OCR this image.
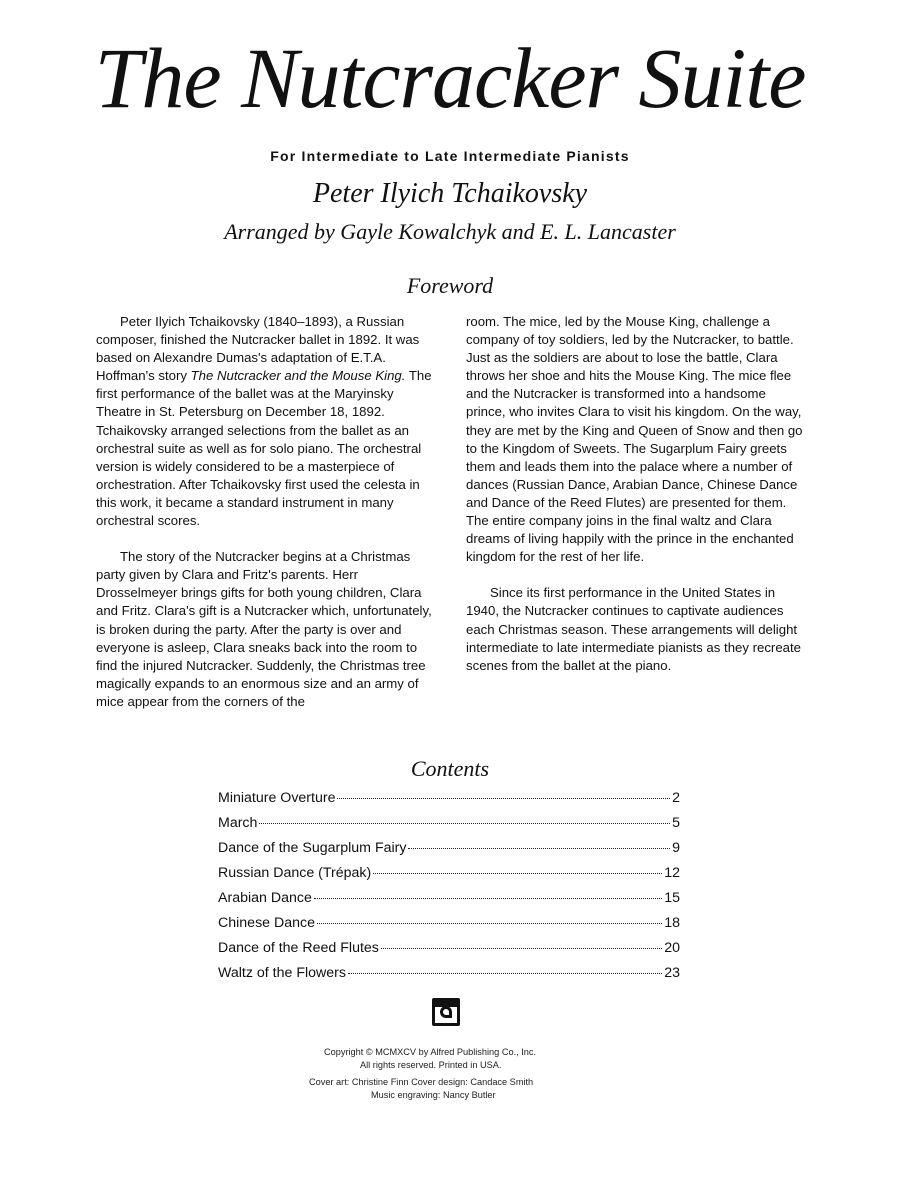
The Nutcracker Suite
For Intermediate to Late Intermediate Pianists
Peter Ilyich Tchaikovsky
Arranged by Gayle Kowalchyk and E. L. Lancaster
Foreword

Peter Ilyich Tchaikovsky (1840–1893), a Russian composer, finished the Nutcracker ballet in 1892. It was based on Alexandre Dumas's adaptation of E.T.A. Hoffman's story The Nutcracker and the Mouse King. The first performance of the ballet was at the Maryinsky Theatre in St. Petersburg on December 18, 1892. Tchaikovsky arranged selections from the ballet as an orchestral suite as well as for solo piano. The orchestral version is widely considered to be a masterpiece of orchestration. After Tchaikovsky first used the celesta in this work, it became a standard instrument in many orchestral scores.

The story of the Nutcracker begins at a Christmas party given by Clara and Fritz's parents. Herr Drosselmeyer brings gifts for both young children, Clara and Fritz. Clara's gift is a Nutcracker which, unfortunately, is broken during the party. After the party is over and everyone is asleep, Clara sneaks back into the room to find the injured Nutcracker. Suddenly, the Christmas tree magically expands to an enormous size and an army of mice appear from the corners of the

room. The mice, led by the Mouse King, challenge a company of toy soldiers, led by the Nutcracker, to battle. Just as the soldiers are about to lose the battle, Clara throws her shoe and hits the Mouse King. The mice flee and the Nutcracker is transformed into a handsome prince, who invites Clara to visit his kingdom. On the way, they are met by the King and Queen of Snow and then go to the Kingdom of Sweets. The Sugarplum Fairy greets them and leads them into the palace where a number of dances (Russian Dance, Arabian Dance, Chinese Dance and Dance of the Reed Flutes) are presented for them. The entire company joins in the final waltz and Clara dreams of living happily with the prince in the enchanted kingdom for the rest of her life.

Since its first performance in the United States in 1940, the Nutcracker continues to captivate audiences each Christmas season. These arrangements will delight intermediate to late intermediate pianists as they recreate scenes from the ballet at the piano.

Contents
Miniature Overture	2
March	5
Dance of the Sugarplum Fairy	9
Russian Dance (Trépak)	12
Arabian Dance	15
Chinese Dance	18
Dance of the Reed Flutes	20
Waltz of the Flowers	23
Copyright © MCMXCV by Alfred Publishing Co., Inc.
All rights reserved. Printed in USA.
Cover art: Christine Finn Cover design: Candace Smith
Music engraving: Nancy Butler
